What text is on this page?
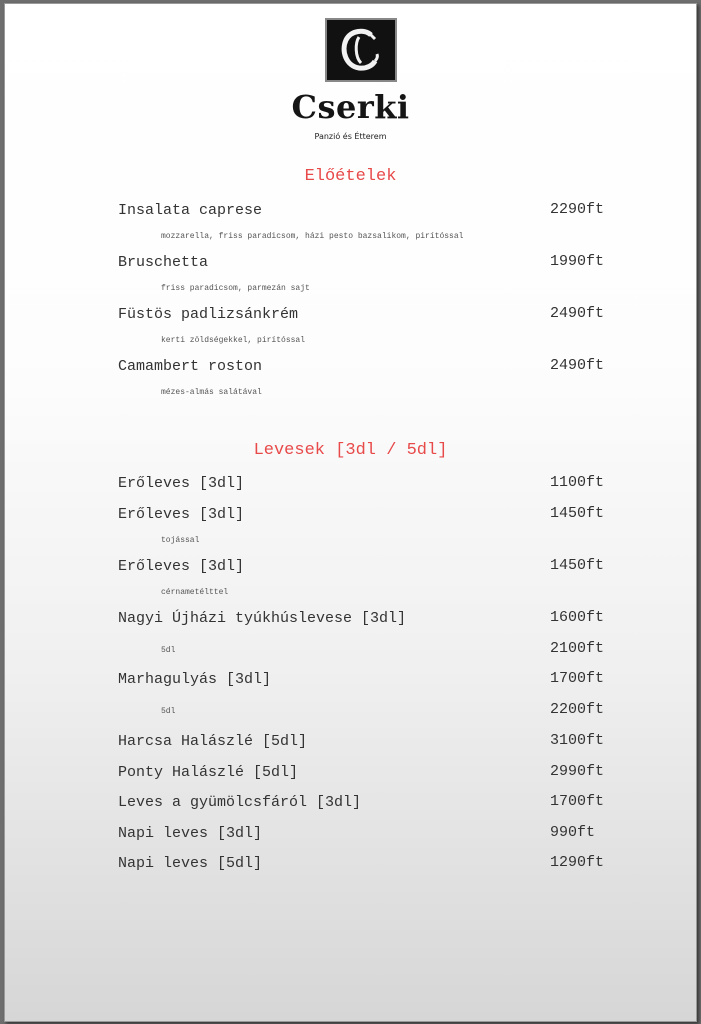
Cserki
Panzió és Étterem
Előételek
Insalata caprese	2290ft
mozzarella, friss paradicsom, házi pesto bazsalikom, pirítóssal
Bruschetta	1990ft
friss paradicsom, parmezán sajt
Füstös padlizsánkrém	2490ft
kerti zöldségekkel, pirítóssal
Camambert roston	2490ft
mézes-almás salátával
Levesek [3dl / 5dl]
Erőleves [3dl]	1100ft
Erőleves [3dl]	1450ft
tojással
Erőleves [3dl]	1450ft
cérnametélttel
Nagyi Újházi tyúkhúslevese [3dl]	1600ft
5dl	2100ft
Marhagulyás [3dl]	1700ft
5dl	2200ft
Harcsa Halászlé [5dl]	3100ft
Ponty Halászlé [5dl]	2990ft
Leves a gyümölcsfáról [3dl]	1700ft
Napi leves [3dl]	990ft
Napi leves [5dl]	1290ft
